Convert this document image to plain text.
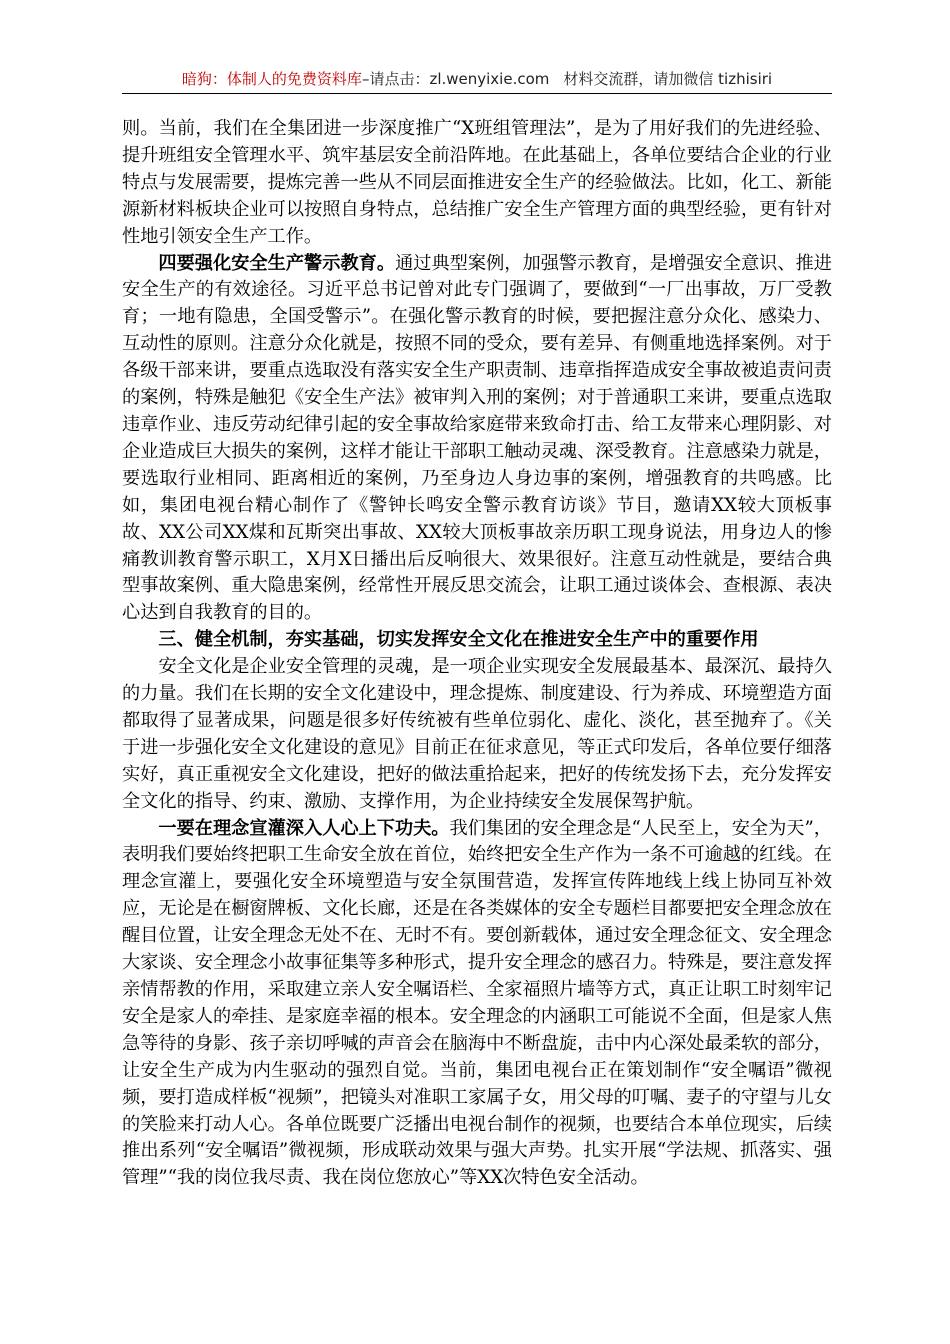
暗狗：体制人的免费资料库–请点击：zl.wenyixie.com 材料交流群，请加微信 tizhisiri

则。当前，我们在全集团进一步深度推广“X班组管理法”，是为了用好我们的先进经验、提升班组安全管理水平、筑牢基层安全前沿阵地。在此基础上，各单位要结合企业的行业特点与发展需要，提炼完善一些从不同层面推进安全生产的经验做法。比如，化工、新能源新材料板块企业可以按照自身特点，总结推广安全生产管理方面的典型经验，更有针对性地引领安全生产工作。

四要强化安全生产警示教育。通过典型案例，加强警示教育，是增强安全意识、推进安全生产的有效途径。习近平总书记曾对此专门强调了，要做到“一厂出事故，万厂受教育；一地有隐患，全国受警示”。在强化警示教育的时候，要把握注意分众化、感染力、互动性的原则。注意分众化就是，按照不同的受众，要有差异、有侧重地选择案例。对于各级干部来讲，要重点选取没有落实安全生产职责制、违章指挥造成安全事故被追责问责的案例，特殊是触犯《安全生产法》被审判入刑的案例；对于普通职工来讲，要重点选取违章作业、违反劳动纪律引起的安全事故给家庭带来致命打击、给工友带来心理阴影、对企业造成巨大损失的案例，这样才能让干部职工触动灵魂、深受教育。注意感染力就是，要选取行业相同、距离相近的案例，乃至身边人身边事的案例，增强教育的共鸣感。比如，集团电视台精心制作了《警钟长鸣安全警示教育访谈》节目，邀请XX较大顶板事故、XX公司XX煤和瓦斯突出事故、XX较大顶板事故亲历职工现身说法，用身边人的惨痛教训教育警示职工，X月X日播出后反响很大、效果很好。注意互动性就是，要结合典型事故案例、重大隐患案例，经常性开展反思交流会，让职工通过谈体会、查根源、表决心达到自我教育的目的。

三、健全机制，夯实基础，切实发挥安全文化在推进安全生产中的重要作用

安全文化是企业安全管理的灵魂，是一项企业实现安全发展最基本、最深沉、最持久的力量。我们在长期的安全文化建设中，理念提炼、制度建设、行为养成、环境塑造方面都取得了显著成果，问题是很多好传统被有些单位弱化、虚化、淡化，甚至抛弃了。《关于进一步强化安全文化建设的意见》目前正在征求意见，等正式印发后，各单位要仔细落实好，真正重视安全文化建设，把好的做法重拾起来，把好的传统发扬下去，充分发挥安全文化的指导、约束、激励、支撑作用，为企业持续安全发展保驾护航。

一要在理念宣灌深入人心上下功夫。我们集团的安全理念是“人民至上，安全为天”，表明我们要始终把职工生命安全放在首位，始终把安全生产作为一条不可逾越的红线。在理念宣灌上，要强化安全环境塑造与安全氛围营造，发挥宣传阵地线上线上协同互补效应，无论是在橱窗牌板、文化长廊，还是在各类媒体的安全专题栏目都要把安全理念放在醒目位置，让安全理念无处不在、无时不有。要创新载体，通过安全理念征文、安全理念大家谈、安全理念小故事征集等多种形式，提升安全理念的感召力。特殊是，要注意发挥亲情帮教的作用，采取建立亲人安全嘱语栏、全家福照片墙等方式，真正让职工时刻牢记安全是家人的牵挂、是家庭幸福的根本。安全理念的内涵职工可能说不全面，但是家人焦急等待的身影、孩子亲切呼喊的声音会在脑海中不断盘旋，击中内心深处最柔软的部分，让安全生产成为内生驱动的强烈自觉。当前，集团电视台正在策划制作“安全嘱语”微视频，要打造成样板“视频”，把镜头对准职工家属子女，用父母的叮嘱、妻子的守望与儿女的笑脸来打动人心。各单位既要广泛播出电视台制作的视频，也要结合本单位现实，后续推出系列“安全嘱语”微视频，形成联动效果与强大声势。扎实开展“学法规、抓落实、强管理”“我的岗位我尽责、我在岗位您放心”等XX次特色安全活动。
